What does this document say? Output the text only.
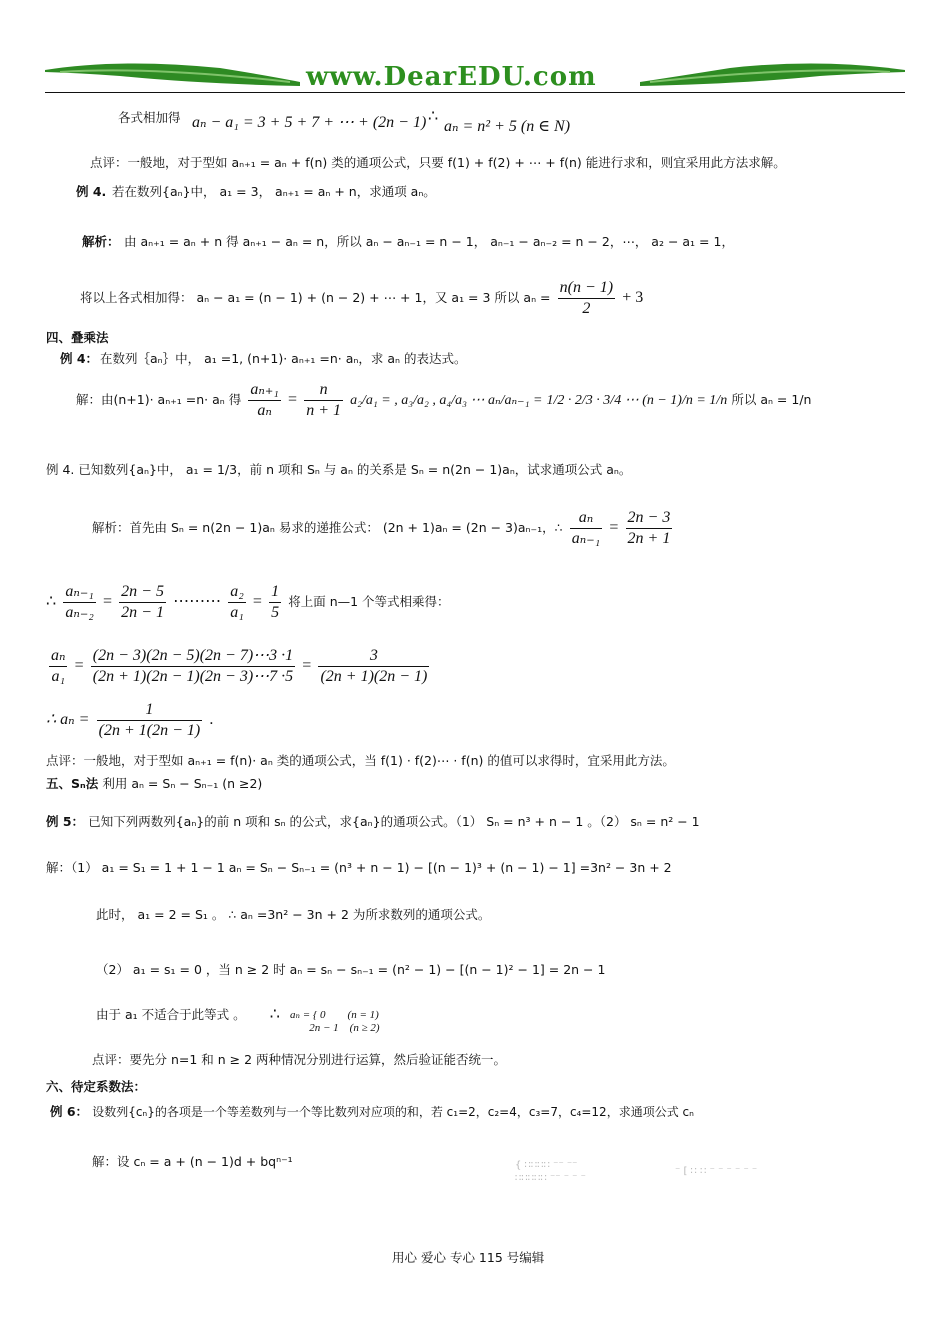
www.DearEDU.com
各式相加得 aₙ − a₁ = 3 + 5 + 7 + ⋯ + (2n − 1) ∴
aₙ = n² + 5 (n ∈ N)
点评：一般地，对于型如 aₙ₊₁ = aₙ + f(n) 类的通项公式，只要 f(1) + f(2) + ⋯ + f(n) 能进行求和，则宜采用此方法求解。
例 4. 若在数列{aₙ}中， a₁ = 3， aₙ₊₁ = aₙ + n，求通项 aₙ。
解析： 由 aₙ₊₁ = aₙ + n 得 aₙ₊₁ − aₙ = n，所以 aₙ − aₙ₋₁ = n − 1， aₙ₋₁ − aₙ₋₂ = n − 2，⋯， a₂ − a₁ = 1，
将以上各式相加得： aₙ − a₁ = (n − 1) + (n − 2) + ⋯ + 1，又 a₁ = 3 所以 $a_n = \frac{n(n - 1)}{2} + 3$
四、叠乘法
例 4： 在数列｛aₙ｝中， a₁ =1, (n+1)· aₙ₊₁ =n· aₙ，求 aₙ 的表达式。
解：由(n+1)· aₙ₊₁ =n· aₙ 得 $\frac{\text{aₙ₊₁}}{\text{aₙ}} = \frac{n}{n + 1} a_2/a_1$ = , a₃/a₂ , a₄/a₃ ⋯ aₙ/aₙ₋₁ = 1/2 · 2/3 · 3/4 ⋯ (n − 1)/n = 1/n 所以 aₙ = 1/n
例 4. 已知数列{aₙ}中， a₁ = 1/3，前 n 项和 Sₙ 与 aₙ 的关系是 Sₙ = n(2n − 1)aₙ，试求通项公式 aₙ。
解析：首先由 Sₙ = n(2n − 1)aₙ 易求的递推公式： (2n + 1)aₙ = (2n − 3)aₙ₋₁，∴ $\frac{\text{aₙ}}{\text{aₙ₋₁}} = \frac{2n - 3}{2n + 1}$
∴ $\frac{\text{aₙ₋₁}}{\text{aₙ₋₂}} = \frac{2n - 5}{2n - 1}$ ⋯⋯⋯ $\frac{\text{a₂}}{\text{a₁}} = \frac{1}{5}$ 将上面 n—1 个等式相乘得：
$\frac{\text{aₙ}}{\text{a₁}} = \frac{(2n - 3)(2n - 5)(2n - 7)\cdots 3 \cdot 1}{(2n + 1)(2n - 1)(2n - 3)\cdots 7 \cdot 5} = \frac{3}{(2n + 1)(2n - 1)}$
∴ $a_n = \frac{1}{(2n + 1(2n - 1)}$ .
点评：一般地，对于型如 aₙ₊₁ = f(n)· aₙ 类的通项公式，当 f(1) · f(2)⋯ · f(n) 的值可以求得时，宜采用此方法。
五、Sₙ法 利用 aₙ = Sₙ − Sₙ₋₁ (n ≥2)
例 5： 已知下列两数列{aₙ}的前 n 项和 sₙ 的公式，求{aₙ}的通项公式。（1） Sₙ = n³ + n − 1 。（2） sₙ = n² − 1
解：（1） a₁ = S₁ = 1 + 1 − 1 aₙ = Sₙ − Sₙ₋₁ = (n³ + n − 1) − [(n − 1)³ + (n − 1) − 1] =3n² − 3n + 2
此时， a₁ = 2 = S₁ 。 ∴ aₙ =3n² − 3n + 2 为所求数列的通项公式。
（2） a₁ = s₁ = 0 ，当 n ≥ 2 时 aₙ = sₙ − sₙ₋₁ = (n² − 1) − [(n − 1)² − 1] = 2n − 1
由于 a₁ 不适合于此等式 。 ∴ aₙ = { 0        (n = 1)
2n − 1    (n ≥ 2)
点评：要先分 n=1 和 n ≥ 2 两种情况分别进行运算，然后验证能否统一。
六、待定系数法：
例 6： 设数列{cₙ}的各项是一个等差数列与一个等比数列对应项的和，若 c₁=2，c₂=4，c₃=7，c₄=12，求通项公式 cₙ
解：设 cₙ = a + (n − 1)d + bqⁿ⁻¹	{ ∷∷∷∷ ⁻⁻ ⁻⁻
∷∷∷∷∷ ⁻⁻ ⁻ ⁻ ⁻
⁻ [ ∷ ∷ ⁻ ⁻ ⁻ ⁻ ⁻ ⁻
用心 爱心 专心 115 号编辑
